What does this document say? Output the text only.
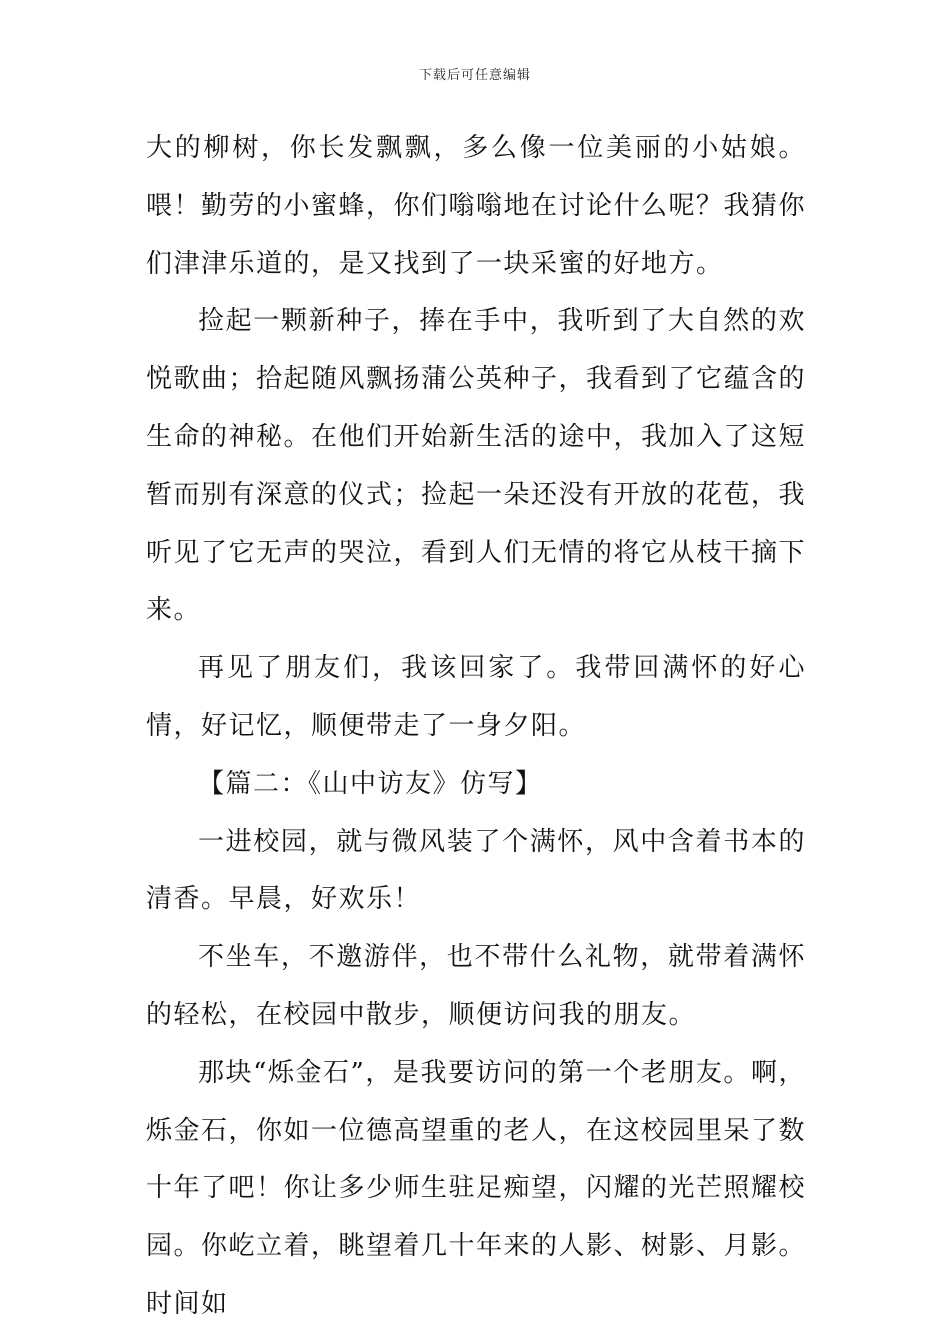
下载后可任意编辑

大的柳树，你长发飘飘，多么像一位美丽的小姑娘。喂！勤劳的小蜜蜂，你们嗡嗡地在讨论什么呢？我猜你们津津乐道的，是又找到了一块采蜜的好地方。

捡起一颗新种子，捧在手中，我听到了大自然的欢悦歌曲；拾起随风飘扬蒲公英种子，我看到了它蕴含的生命的神秘。在他们开始新生活的途中，我加入了这短暂而别有深意的仪式；捡起一朵还没有开放的花苞，我听见了它无声的哭泣，看到人们无情的将它从枝干摘下来。

再见了朋友们，我该回家了。我带回满怀的好心情，好记忆，顺便带走了一身夕阳。

【篇二：《山中访友》仿写】

一进校园，就与微风装了个满怀，风中含着书本的清香。早晨，好欢乐！

不坐车，不邀游伴，也不带什么礼物，就带着满怀的轻松，在校园中散步，顺便访问我的朋友。

那块“烁金石”，是我要访问的第一个老朋友。啊，烁金石，你如一位德高望重的老人，在这校园里呆了数十年了吧！你让多少师生驻足痴望，闪耀的光芒照耀校园。你屹立着，眺望着几十年来的人影、树影、月影。时间如
